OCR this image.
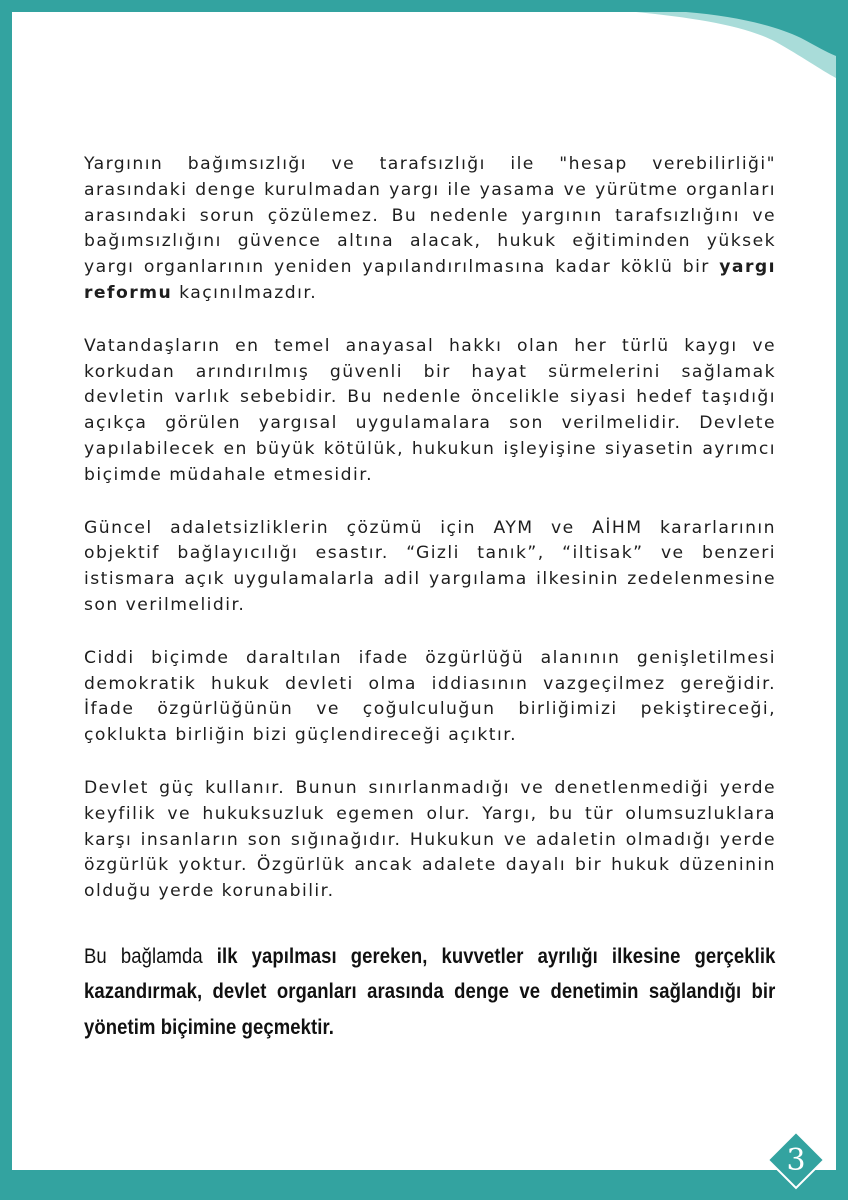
Yargının bağımsızlığı ve tarafsızlığı ile "hesap verebilirliği" arasındaki denge kurulmadan yargı ile yasama ve yürütme organları arasındaki sorun çözülemez. Bu nedenle yargının tarafsızlığını ve bağımsızlığını güvence altına alacak, hukuk eğitiminden yüksek yargı organlarının yeniden yapılandırılmasına kadar köklü bir yargı reformu kaçınılmazdır.

Vatandaşların en temel anayasal hakkı olan her türlü kaygı ve korkudan arındırılmış güvenli bir hayat sürmelerini sağlamak devletin varlık sebebidir. Bu nedenle öncelikle siyasi hedef taşıdığı açıkça görülen yargısal uygulamalara son verilmelidir. Devlete yapılabilecek en büyük kötülük, hukukun işleyişine siyasetin ayrımcı biçimde müdahale etmesidir.

Güncel adaletsizliklerin çözümü için AYM ve AİHM kararlarının objektif bağlayıcılığı esastır. “Gizli tanık”, “iltisak” ve benzeri istismara açık uygulamalarla adil yargılama ilkesinin zedelenmesine son verilmelidir.

Ciddi biçimde daraltılan ifade özgürlüğü alanının genişletilmesi demokratik hukuk devleti olma iddiasının vazgeçilmez gereğidir. İfade özgürlüğünün ve çoğulculuğun birliğimizi pekiştireceği, çoklukta birliğin bizi güçlendireceği açıktır.

Devlet güç kullanır. Bunun sınırlanmadığı ve denetlenmediği yerde keyfilik ve hukuksuzluk egemen olur. Yargı, bu tür olumsuzluklara karşı insanların son sığınağıdır. Hukukun ve adaletin olmadığı yerde özgürlük yoktur. Özgürlük ancak adalete dayalı bir hukuk düzeninin olduğu yerde korunabilir.

Bu bağlamda ilk yapılması gereken, kuvvetler ayrılığı ilkesine gerçeklik kazandırmak, devlet organları arasında denge ve denetimin sağlandığı bir yönetim biçimine geçmektir.
3
